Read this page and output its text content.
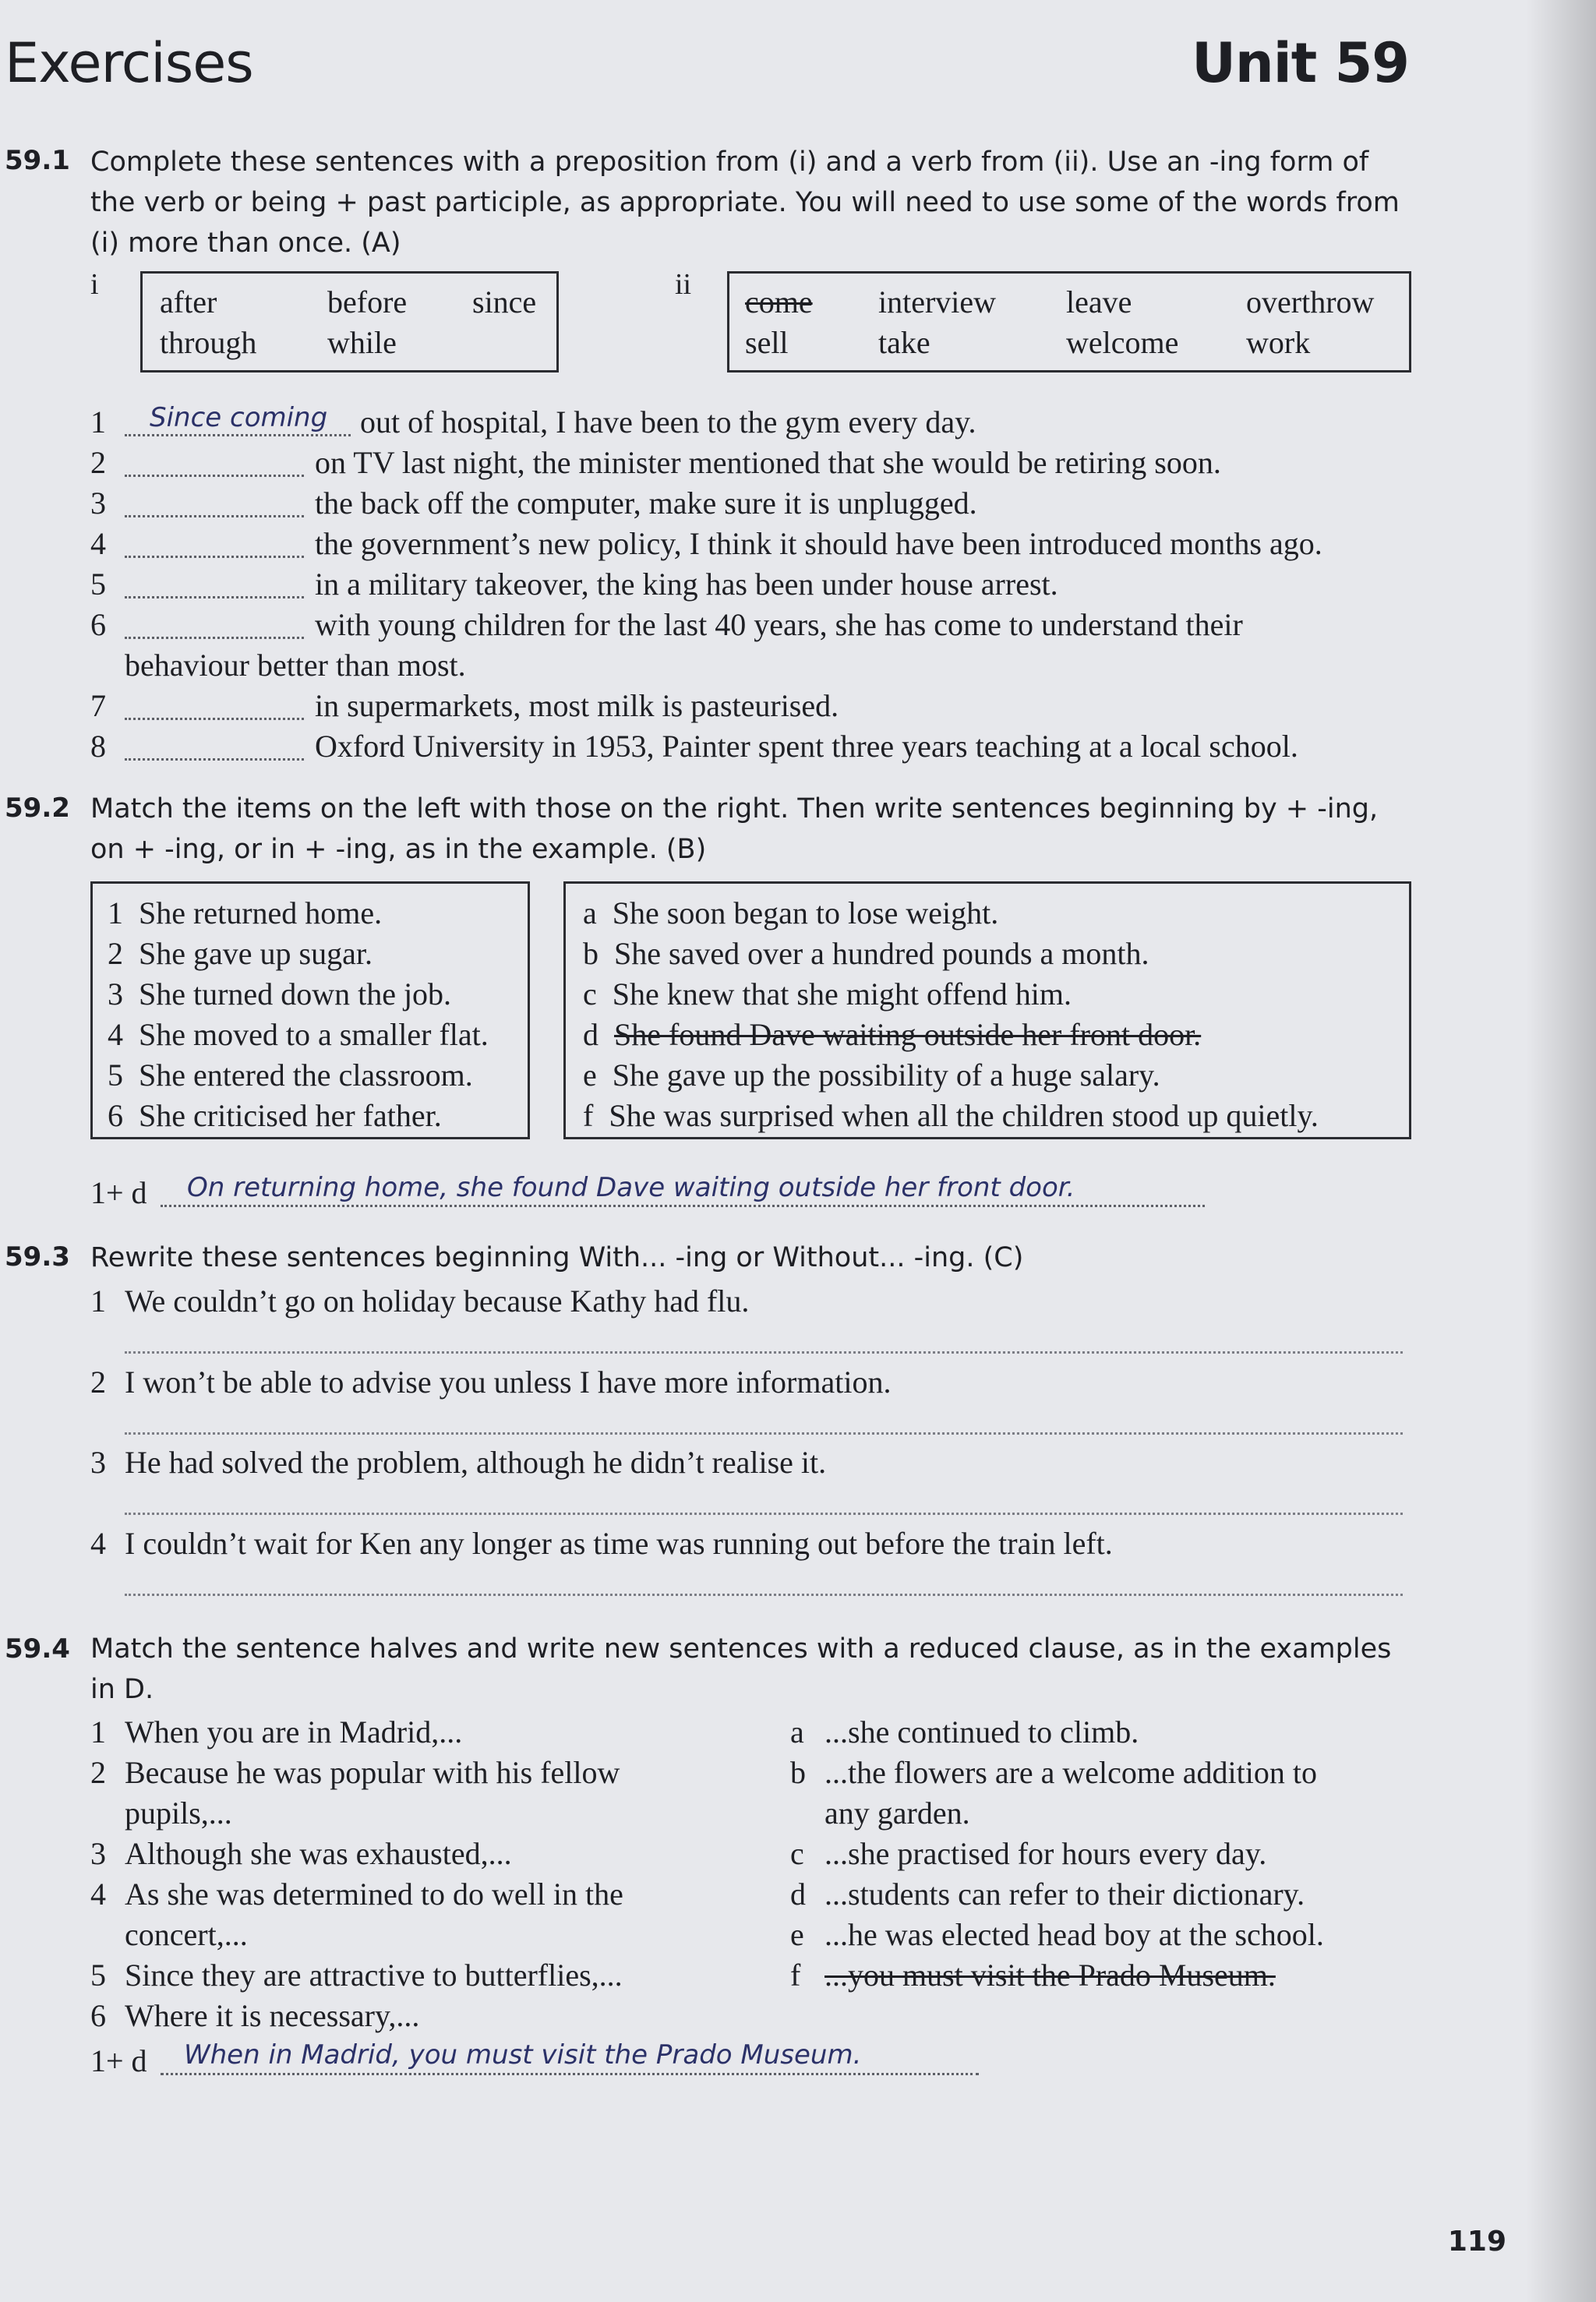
Exercises	Unit 59
59.1 Complete these sentences with a preposition from (i) and a verb from (ii). Use an -ing form of the verb or being + past participle, as appropriate. You will need to use some of the words from (i) more than once. (A)
i after	before since
through while
ii come interview leave	overthrow
sell	take	welcome work
1 Since coming out of hospital, I have been to the gym every day.
2	on TV last night, the minister mentioned that she would be retiring soon.
3	the back off the computer, make sure it is unplugged.
4	the government’s new policy, I think it should have been introduced months ago.
5	in a military takeover, the king has been under house arrest.
6	with young children for the last 40 years, she has come to understand their
behaviour better than most.
7	in supermarkets, most milk is pasteurised.
8	Oxford University in 1953, Painter spent three years teaching at a local school.
59.2 Match the items on the left with those on the right. Then write sentences beginning by + -ing, on + -ing, or in + -ing, as in the example. (B)
1 She returned home.
2 She gave up sugar.
3 She turned down the job.
4 She moved to a smaller flat.
5 She entered the classroom.
6 She criticised her father.
a She soon began to lose weight.
b She saved over a hundred pounds a month.
c She knew that she might offend him.
d She found Dave waiting outside her front door.
e She gave up the possibility of a huge salary.
f She was surprised when all the children stood up quietly.
1+ d On returning home, she found Dave waiting outside her front door.
59.3 Rewrite these sentences beginning With... -ing or Without... -ing. (C)
1 We couldn’t go on holiday because Kathy had flu.
2 I won’t be able to advise you unless I have more information.
3 He had solved the problem, although he didn’t realise it.
4 I couldn’t wait for Ken any longer as time was running out before the train left.
59.4 Match the sentence halves and write new sentences with a reduced clause, as in the examples in D.
1 When you are in Madrid,...
2 Because he was popular with his fellow
pupils,...
3 Although she was exhausted,...
4 As she was determined to do well in the
concert,...
5 Since they are attractive to butterflies,...
6 Where it is necessary,...
a ...she continued to climb.
b ...the flowers are a welcome addition to
any garden.
c ...she practised for hours every day.
d ...students can refer to their dictionary.
e ...he was elected head boy at the school.
f ...you must visit the Prado Museum.
1+ d When in Madrid, you must visit the Prado Museum.
119
